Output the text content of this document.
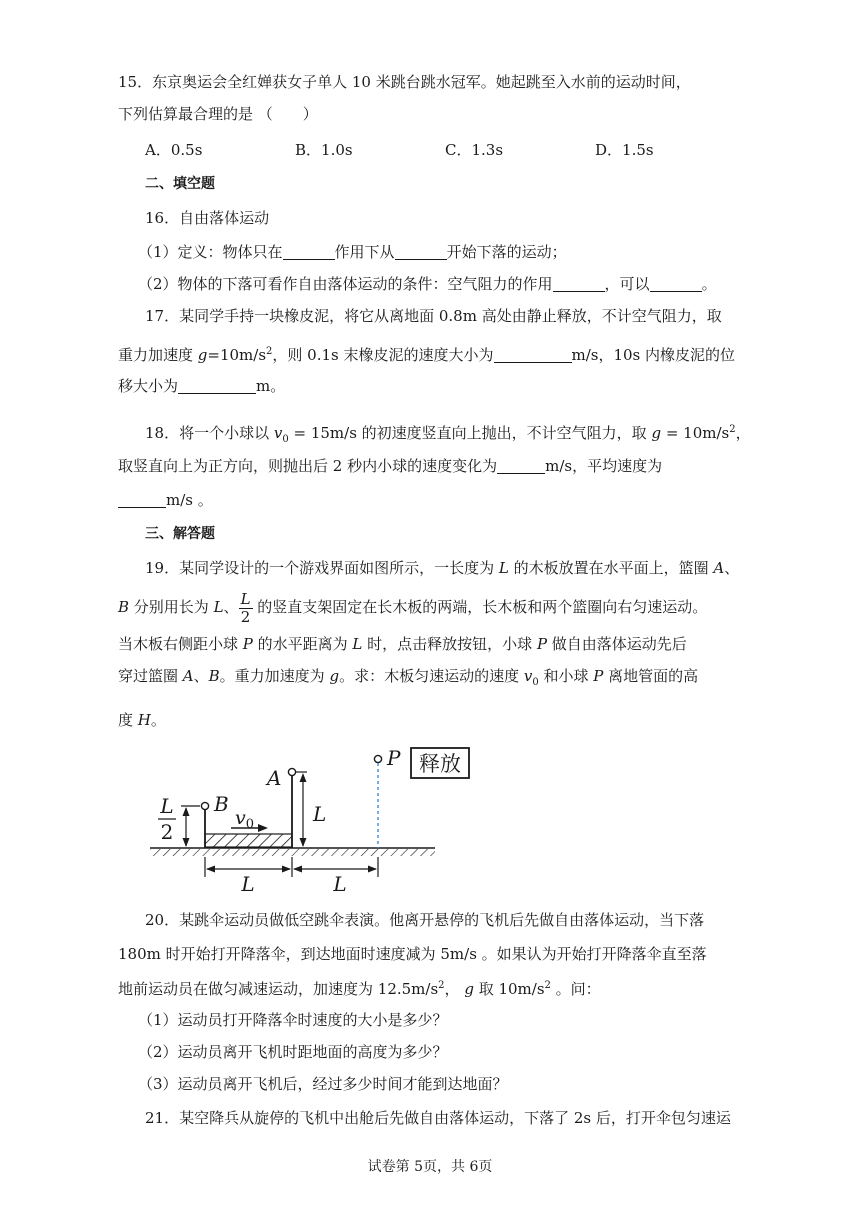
15．东京奥运会全红婵获女子单人 10 米跳台跳水冠军。她起跳至入水前的运动时间，
下列估算最合理的是 （　　）
A．0.5s	B．1.0s	C．1.3s	D．1.5s
二、填空题
16．自由落体运动
（1）定义：物体只在	作用下从	开始下落的运动；
（2）物体的下落可看作自由落体运动的条件：空气阻力的作用	，可以	。
17．某同学手持一块橡皮泥，将它从离地面 0.8m 高处由静止释放，不计空气阻力，取
重力加速度 $g=10m/s^2$，则 0.1s 末橡皮泥的速度大小为	m/s，10s 内橡皮泥的位
移大小为	m。
18．将一个小球以 $v_0 = 15m/s$ 的初速度竖直向上抛出，不计空气阻力，取 $g = 10m/s^2$，
取竖直向上为正方向，则抛出后 2 秒内小球的速度变化为	m/s，平均速度为
m/s 。
三、解答题
19．某同学设计的一个游戏界面如图所示，一长度为 L 的木板放置在水平面上，篮圈 A、
B 分别用长为 L、 $\frac{L}{2}$ 的竖直支架固定在长木板的两端，长木板和两个篮圈向右匀速运动。
当木板右侧距小球 P 的水平距离为 L 时，点击释放按钮，小球 P 做自由落体运动先后
穿过篮圈 A、B。重力加速度为 g。求：木板匀速运动的速度 $v_0$ 和小球 P 离地管面的高
度 H。
释放
P
A
B	L
L
2
$v_0$
L	L
20．某跳伞运动员做低空跳伞表演。他离开悬停的飞机后先做自由落体运动，当下落
180m 时开始打开降落伞，到达地面时速度减为 5m/s 。如果认为开始打开降落伞直至落
地前运动员在做匀减速运动，加速度为 $12.5m/s^2$， g 取 $10m/s^2$ 。问：
（1）运动员打开降落伞时速度的大小是多少？
（2）运动员离开飞机时距地面的高度为多少？
（3）运动员离开飞机后，经过多少时间才能到达地面？
21．某空降兵从旋停的飞机中出舱后先做自由落体运动，下落了 2s 后，打开伞包匀速运
试卷第 5页，共 6页
